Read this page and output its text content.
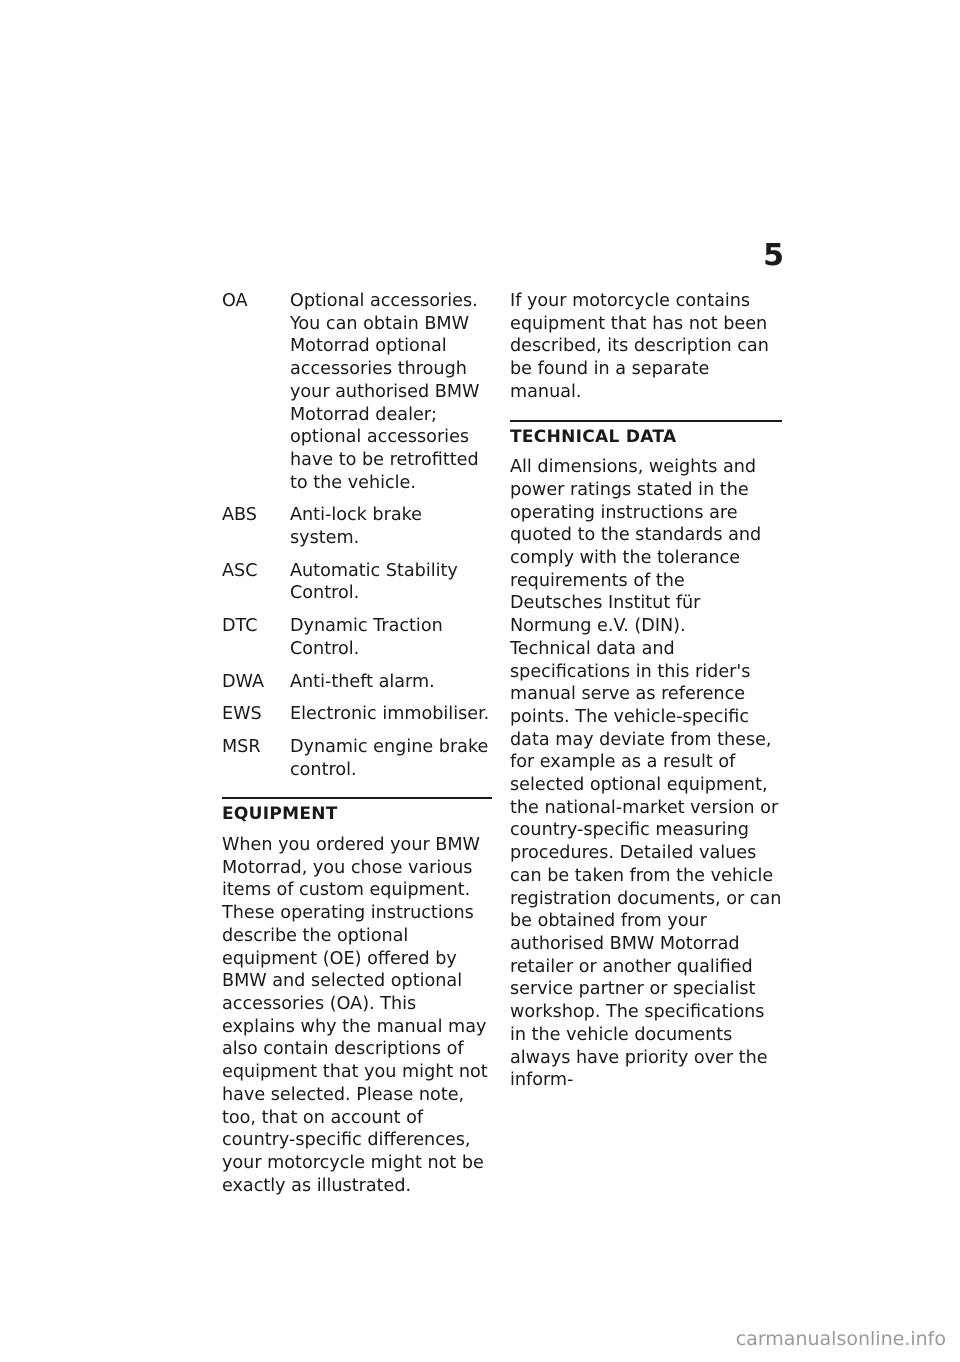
5
OA	Optional accessories. You can obtain BMW Motorrad optional accessories through your authorised BMW Motorrad dealer; optional accessories have to be retrofitted to the vehicle.
ABS	Anti-lock brake system.
ASC	Automatic Stability Control.
DTC	Dynamic Traction Control.
DWA	Anti-theft alarm.
EWS	Electronic immobiliser.
MSR	Dynamic engine brake control.
EQUIPMENT

When you ordered your BMW Motorrad, you chose various items of custom equipment. These operating instructions describe the optional equipment (OE) offered by BMW and selected optional accessories (OA). This explains why the manual may also contain descriptions of equipment that you might not have selected. Please note, too, that on account of country-specific differences, your motorcycle might not be exactly as illustrated.

If your motorcycle contains equipment that has not been described, its description can be found in a separate manual.

TECHNICAL DATA

All dimensions, weights and power ratings stated in the operating instructions are quoted to the standards and comply with the tolerance requirements of the Deutsches Institut für Normung e.V. (DIN).

Technical data and specifications in this rider's manual serve as reference points. The vehicle-specific data may deviate from these, for example as a result of selected optional equipment, the national-market version or country-specific measuring procedures. Detailed values can be taken from the vehicle registration documents, or can be obtained from your authorised BMW Motorrad retailer or another qualified service partner or specialist workshop. The specifications in the vehicle documents always have priority over the inform-

carmanualsonline.info
